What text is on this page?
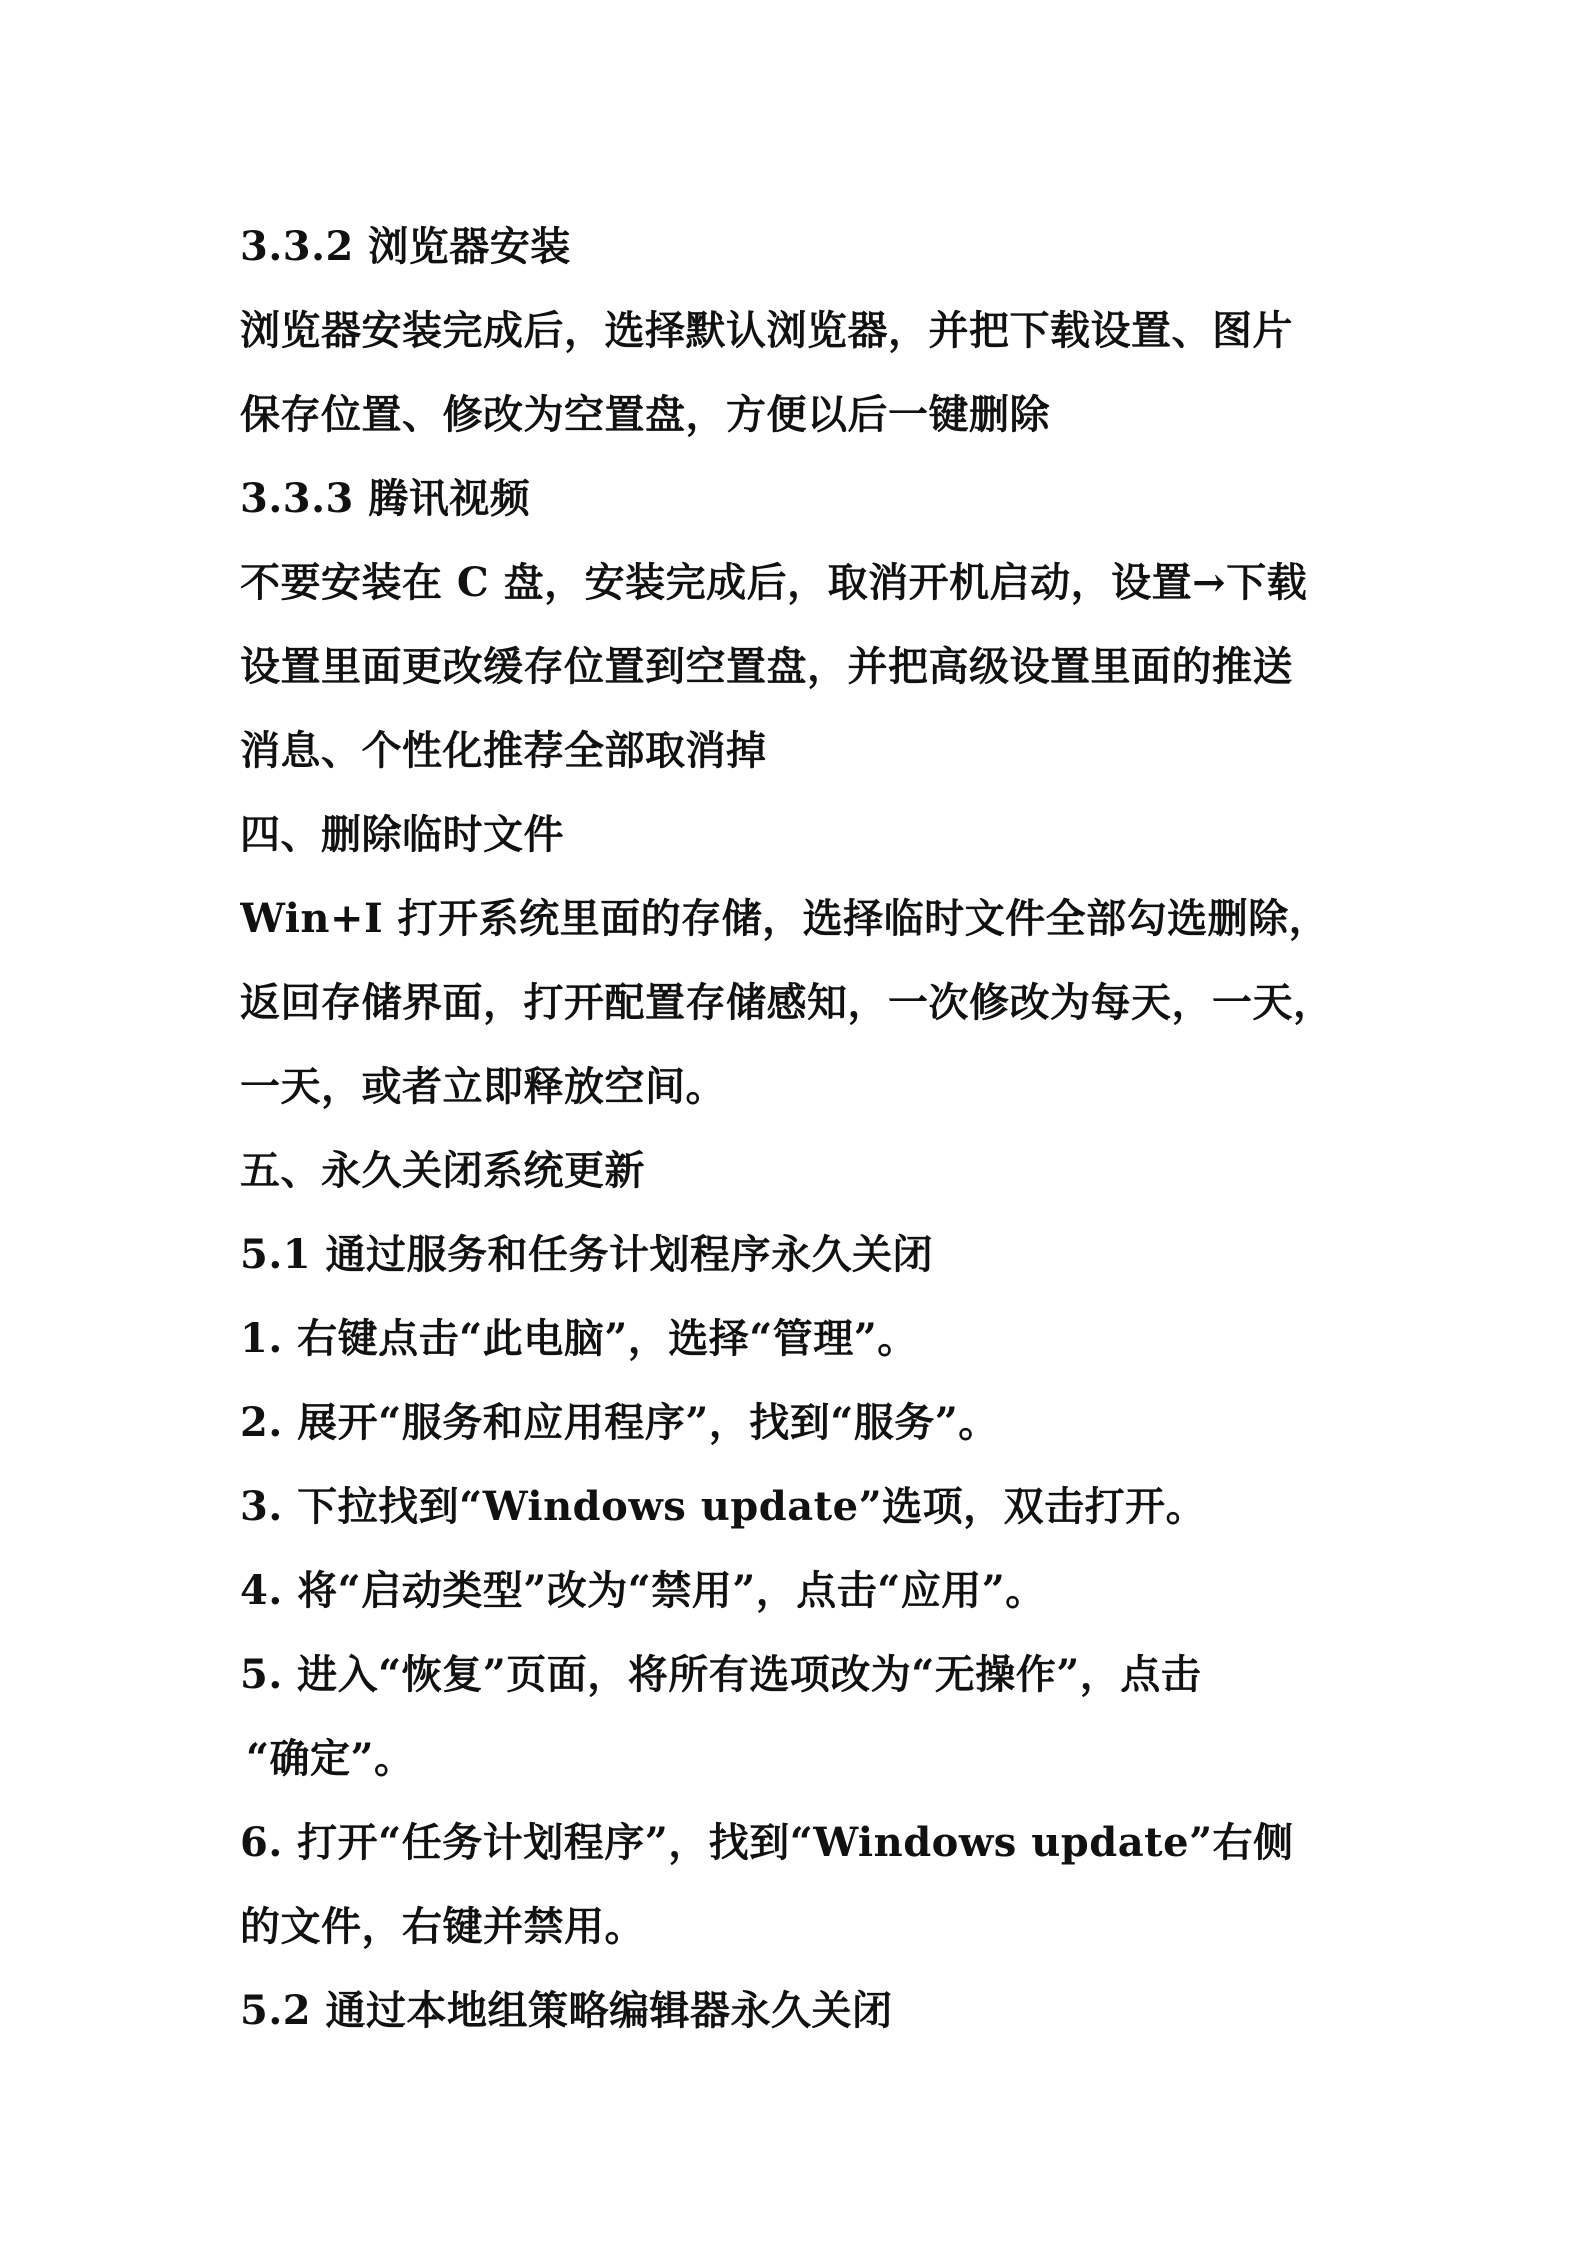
3.3.2 浏览器安装
浏览器安装完成后，选择默认浏览器，并把下载设置、图片
保存位置、修改为空置盘，方便以后一键删除
3.3.3 腾讯视频
不要安装在 C 盘，安装完成后，取消开机启动，设置→下载
设置里面更改缓存位置到空置盘，并把高级设置里面的推送
消息、个性化推荐全部取消掉
四、删除临时文件
Win+I 打开系统里面的存储，选择临时文件全部勾选删除，
返回存储界面，打开配置存储感知，一次修改为每天，一天，
一天，或者立即释放空间。
五、永久关闭系统更新
5.1 通过服务和任务计划程序永久关闭
1. 右键点击“此电脑”，选择“管理”。
2. 展开“服务和应用程序”，找到“服务”。
3. 下拉找到“Windows update”选项，双击打开。
4. 将“启动类型”改为“禁用”，点击“应用”。
5. 进入“恢复”页面，将所有选项改为“无操作”，点击
“确定”。
6. 打开“任务计划程序”，找到“Windows update”右侧
的文件，右键并禁用。
5.2 通过本地组策略编辑器永久关闭
